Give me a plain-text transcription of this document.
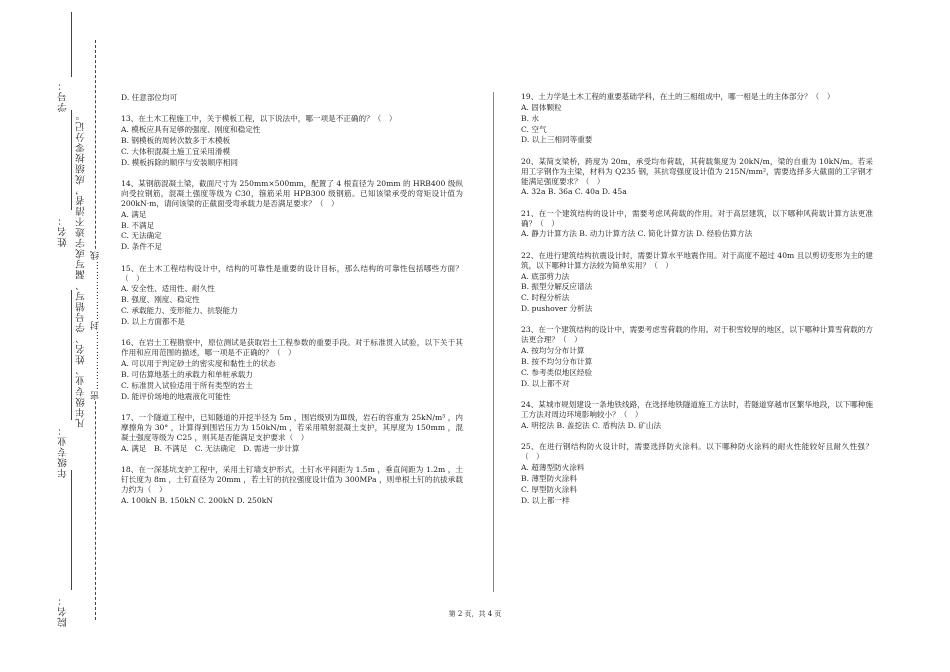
学号：
姓名：
年级专业：
院名：
凡年级专业、姓名、学号错写、漏写或字迹不清者，成绩按零分记。 密………………封………………线

D. 任意部位均可

13、在土木工程施工中，关于模板工程，以下说法中，哪一项是不正确的？（　）

A. 模板应具有足够的强度、刚度和稳定性

B. 钢模板的周转次数多于木模板

C. 大体积混凝土施工宜采用滑模

D. 模板拆除的顺序与安装顺序相同

14、某钢筋混凝土梁，截面尺寸为 250mm×500mm，配置了 4 根直径为 20mm 的 HRB400 级纵向受拉钢筋，混凝土强度等级为 C30，箍筋采用 HPB300 级钢筋。已知该梁承受的弯矩设计值为 200kN·m，请问该梁的正截面受弯承载力是否满足要求？（　）

A. 满足

B. 不满足

C. 无法确定

D. 条件不足

15、在土木工程结构设计中，结构的可靠性是重要的设计目标，那么结构的可靠性包括哪些方面？（　）

A. 安全性、适用性、耐久性

B. 强度、刚度、稳定性

C. 承载能力、变形能力、抗裂能力

D. 以上方面都不是

16、在岩土工程勘察中，原位测试是获取岩土工程参数的重要手段。对于标准贯入试验，以下关于其作用和应用范围的描述，哪一项是不正确的？（　）

A. 可以用于判定砂土的密实度和黏性土的状态

B. 可估算地基土的承载力和单桩承载力

C. 标准贯入试验适用于所有类型的岩土

D. 能评价场地的地震液化可能性

17、一个隧道工程中，已知隧道的开挖半径为 5m ，围岩级别为Ⅲ级，岩石的容重为 25kN/m³ ，内摩擦角为 30° ，计算得到围岩压力为 150kN/m ，若采用喷射混凝土支护，其厚度为 150mm ，混凝土强度等级为 C25 ，则其是否能满足支护要求（　）

A. 满足　B. 不满足　C. 无法确定　D. 需进一步计算

18、在一深基坑支护工程中，采用土钉墙支护形式，土钉水平间距为 1.5m ，垂直间距为 1.2m ，土钉长度为 8m ，土钉直径为 20mm ，若土钉的抗拉强度设计值为 300MPa ，则单根土钉的抗拔承载力约为（　）

A. 100kN B. 150kN C. 200kN D. 250kN

19、土力学是土木工程的重要基础学科，在土的三相组成中，哪一相是土的主体部分？（　）

A. 固体颗粒

B. 水

C. 空气

D. 以上三相同等重要

20、某简支梁桥，跨度为 20m，承受均布荷载，其荷载集度为 20kN/m，梁的自重为 10kN/m。若采用工字钢作为主梁，材料为 Q235 钢，其抗弯强度设计值为 215N/mm²，需要选择多大截面的工字钢才能满足强度要求？（　）

A. 32a B. 36a C. 40a D. 45a

21、在一个建筑结构的设计中，需要考虑风荷载的作用。对于高层建筑，以下哪种风荷载计算方法更准确？（　）

A. 静力计算方法 B. 动力计算方法 C. 简化计算方法 D. 经验估算方法

22、在进行建筑结构抗震设计时，需要计算水平地震作用。对于高度不超过 40m 且以剪切变形为主的建筑，以下哪种计算方法较为简单实用？（　）

A. 底部剪力法

B. 振型分解反应谱法

C. 时程分析法

D. pushover 分析法

23、在一个建筑结构的设计中，需要考虑雪荷载的作用。对于积雪较厚的地区，以下哪种计算雪荷载的方法更合理？（　）

A. 按均匀分布计算

B. 按不均匀分布计算

C. 参考类似地区经验

D. 以上都不对

24、某城市规划建设一条地铁线路，在选择地铁隧道施工方法时，若隧道穿越市区繁华地段，以下哪种施工方法对周边环境影响较小？（　）

A. 明挖法 B. 盖挖法 C. 盾构法 D. 矿山法

25、在进行钢结构防火设计时，需要选择防火涂料。以下哪种防火涂料的耐火性能较好且耐久性强？（　）

A. 超薄型防火涂料

B. 薄型防火涂料

C. 厚型防火涂料

D. 以上都一样

第 2 页，共 4 页
